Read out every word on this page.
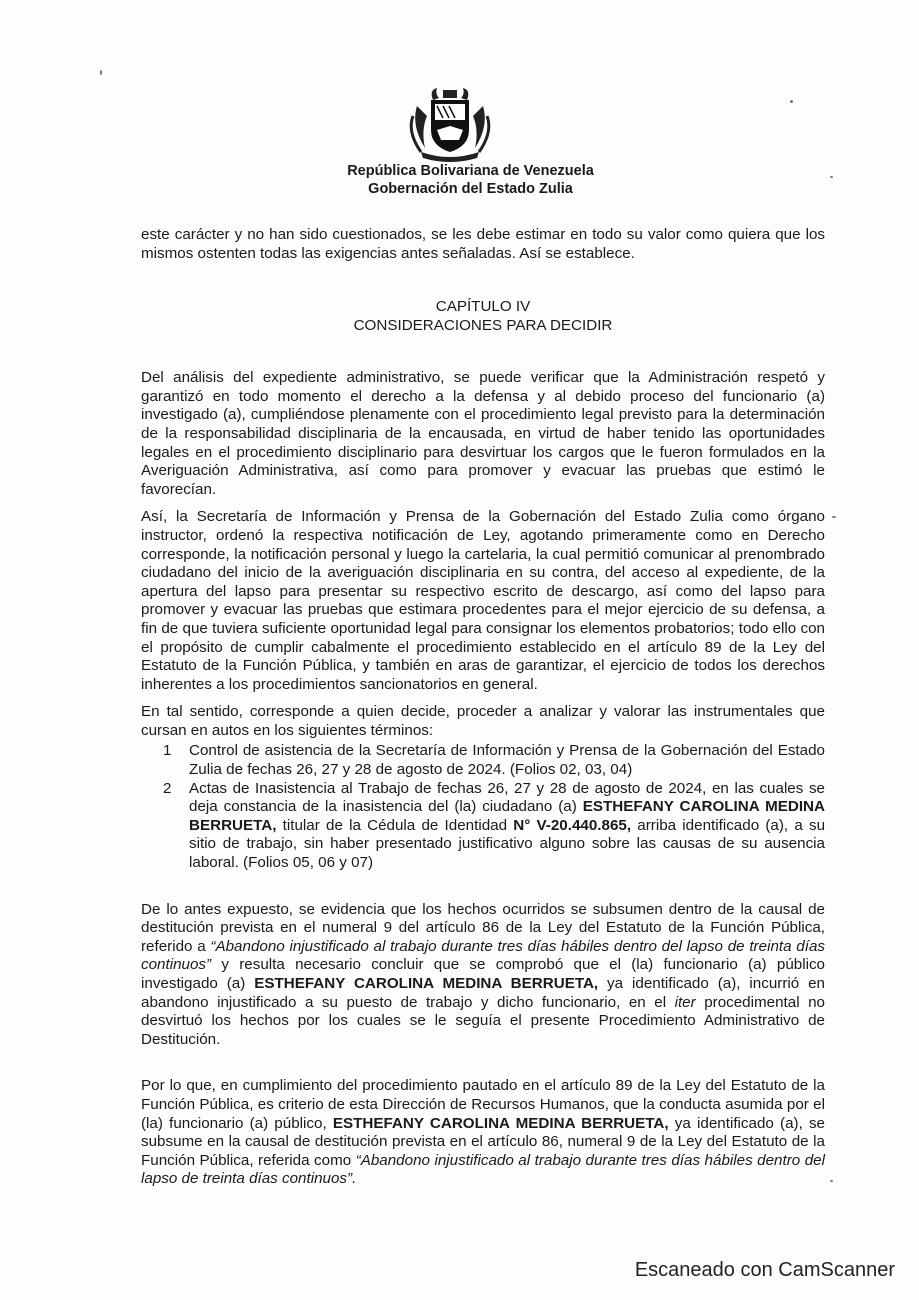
República Bolivariana de Venezuela
Gobernación del Estado Zulia

este carácter y no han sido cuestionados, se les debe estimar en todo su valor como quiera que los mismos ostenten todas las exigencias antes señaladas. Así se establece.

CAPÍTULO IV
CONSIDERACIONES PARA DECIDIR

Del análisis del expediente administrativo, se puede verificar que la Administración respetó y garantizó en todo momento el derecho a la defensa y al debido proceso del funcionario (a) investigado (a), cumpliéndose plenamente con el procedimiento legal previsto para la determinación de la responsabilidad disciplinaria de la encausada, en virtud de haber tenido las oportunidades legales en el procedimiento disciplinario para desvirtuar los cargos que le fueron formulados en la Averiguación Administrativa, así como para promover y evacuar las pruebas que estimó le favorecían.

Así, la Secretaría de Información y Prensa de la Gobernación del Estado Zulia como órgano instructor, ordenó la respectiva notificación de Ley, agotando primeramente como en Derecho corresponde, la notificación personal y luego la cartelaria, la cual permitió comunicar al prenombrado ciudadano del inicio de la averiguación disciplinaria en su contra, del acceso al expediente, de la apertura del lapso para presentar su respectivo escrito de descargo, así como del lapso para promover y evacuar las pruebas que estimara procedentes para el mejor ejercicio de su defensa, a fin de que tuviera suficiente oportunidad legal para consignar los elementos probatorios; todo ello con el propósito de cumplir cabalmente el procedimiento establecido en el artículo 89 de la Ley del Estatuto de la Función Pública, y también en aras de garantizar, el ejercicio de todos los derechos inherentes a los procedimientos sancionatorios en general.

En tal sentido, corresponde a quien decide, proceder a analizar y valorar las instrumentales que cursan en autos en los siguientes términos:

1	Control de asistencia de la Secretaría de Información y Prensa de la Gobernación del Estado Zulia de fechas 26, 27 y 28 de agosto de 2024. (Folios 02, 03, 04)
2	Actas de Inasistencia al Trabajo de fechas 26, 27 y 28 de agosto de 2024, en las cuales se deja constancia de la inasistencia del (la) ciudadano (a) ESTHEFANY CAROLINA MEDINA BERRUETA, titular de la Cédula de Identidad N° V-20.440.865, arriba identificado (a), a su sitio de trabajo, sin haber presentado justificativo alguno sobre las causas de su ausencia laboral. (Folios 05, 06 y 07)

De lo antes expuesto, se evidencia que los hechos ocurridos se subsumen dentro de la causal de destitución prevista en el numeral 9 del artículo 86 de la Ley del Estatuto de la Función Pública, referido a “Abandono injustificado al trabajo durante tres días hábiles dentro del lapso de treinta días continuos” y resulta necesario concluir que se comprobó que el (la) funcionario (a) público investigado (a) ESTHEFANY CAROLINA MEDINA BERRUETA, ya identificado (a), incurrió en abandono injustificado a su puesto de trabajo y dicho funcionario, en el iter procedimental no desvirtuó los hechos por los cuales se le seguía el presente Procedimiento Administrativo de Destitución.

Por lo que, en cumplimiento del procedimiento pautado en el artículo 89 de la Ley del Estatuto de la Función Pública, es criterio de esta Dirección de Recursos Humanos, que la conducta asumida por el (la) funcionario (a) público, ESTHEFANY CAROLINA MEDINA BERRUETA, ya identificado (a), se subsume en la causal de destitución prevista en el artículo 86, numeral 9 de la Ley del Estatuto de la Función Pública, referida como “Abandono injustificado al trabajo durante tres días hábiles dentro del lapso de treinta días continuos”.

Escaneado con CamScanner
